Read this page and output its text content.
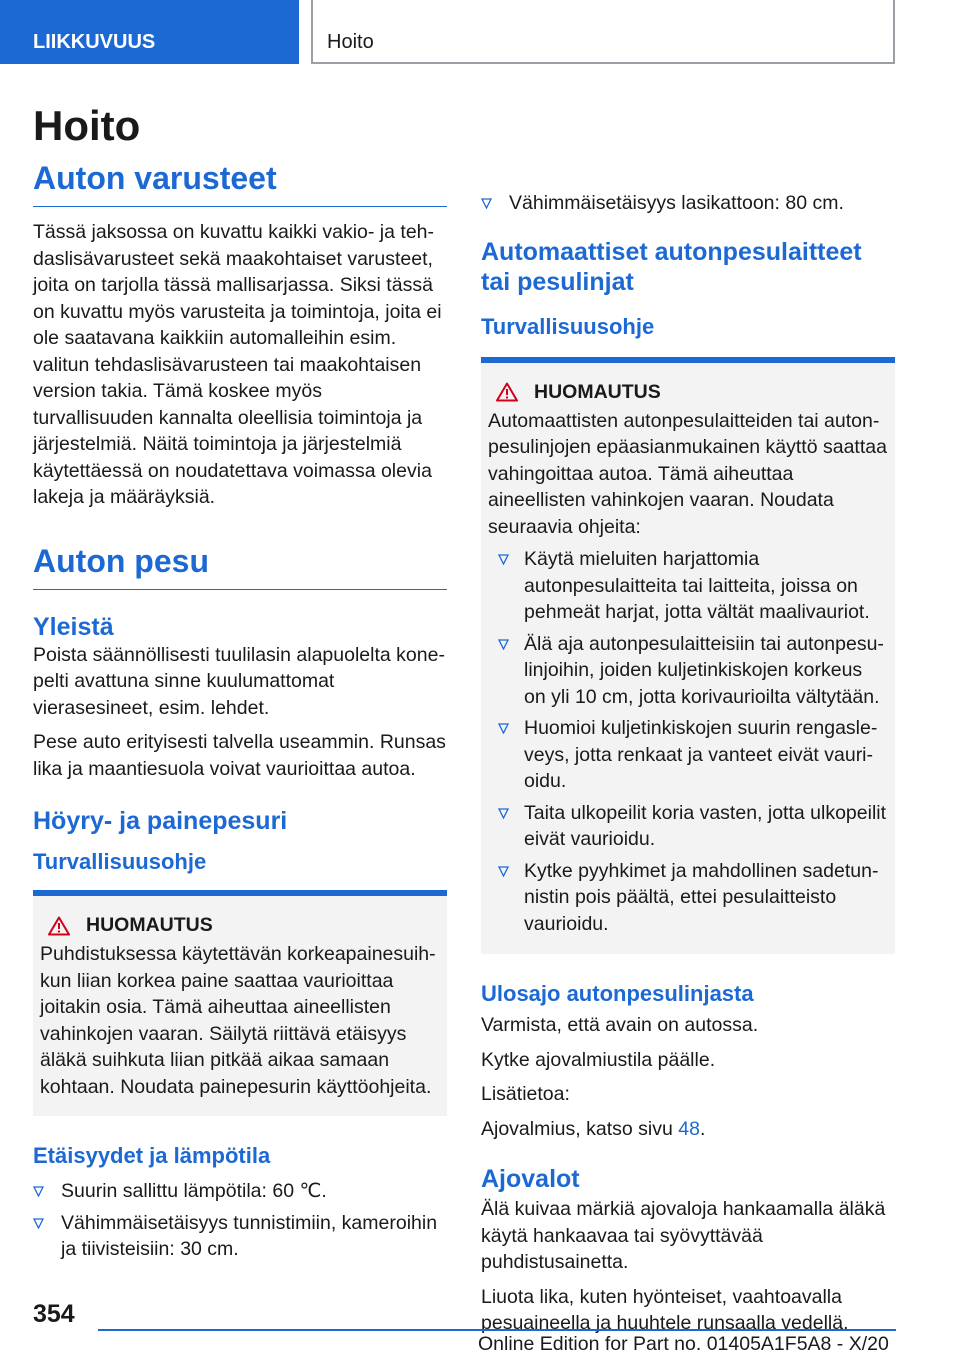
LIIKKUVUUS	Hoito
Hoito
Auton varusteet

Tässä jaksossa on kuvattu kaikki vakio- ja tehdaslisävarusteet sekä maakohtaiset varusteet, joita on tarjolla tässä mallisarjassa. Siksi tässä on kuvattu myös varusteita ja toimintoja, joita ei ole saatavana kaikkiin automalleihin esim. valitun tehdaslisävarusteen tai maakohtaisen version takia. Tämä koskee myös turvallisuuden kannalta oleellisia toimintoja ja järjestelmiä. Näitä toimintoja ja järjestelmiä käytettäessä on noudatettava voimassa olevia lakeja ja määräyksiä.

Auton pesu
Yleistä

Poista säännöllisesti tuulilasin alapuolelta konepelti avattuna sinne kuulumattomat vierasesineet, esim. lehdet.

Pese auto erityisesti talvella useammin. Runsas lika ja maantiesuola voivat vaurioittaa autoa.

Höyry- ja painepesuri
Turvallisuusohje
HUOMAUTUS

Puhdistuksessa käytettävän korkeapainesuihkun liian korkea paine saattaa vaurioittaa joitakin osia. Tämä aiheuttaa aineellisten vahinkojen vaaran. Säilytä riittävä etäisyys äläkä suihkuta liian pitkää aikaa samaan kohtaan. Noudata painepesurin käyttöohjeita.

Etäisyydet ja lämpötila
Suurin sallittu lämpötila: 60 ℃.
Vähimmäisetäisyys tunnistimiin, kameroihin ja tiivisteisiin: 30 cm.
Vähimmäisetäisyys lasikattoon: 80 cm.
Automaattiset autonpesulaitteet tai pesulinjat
Turvallisuusohje
HUOMAUTUS

Automaattisten autonpesulaitteiden tai autonpesulinjojen epäasianmukainen käyttö saattaa vahingoittaa autoa. Tämä aiheuttaa aineellisten vahinkojen vaaran. Noudata seuraavia ohjeita:

Käytä mieluiten harjattomia autonpesulaitteita tai laitteita, joissa on pehmeät harjat, jotta vältät maalivauriot.
Älä aja autonpesulaitteisiin tai autonpesulinjoihin, joiden kuljetinkiskojen korkeus on yli 10 cm, jotta korivaurioilta vältytään.
Huomioi kuljetinkiskojen suurin rengasleveys, jotta renkaat ja vanteet eivät vaurioidu.
Taita ulkopeilit koria vasten, jotta ulkopeilit eivät vaurioidu.
Kytke pyyhkimet ja mahdollinen sadetunnistin pois päältä, ettei pesulaitteisto vaurioidu.
Ulosajo autonpesulinjasta

Varmista, että avain on autossa.

Kytke ajovalmiustila päälle.

Lisätietoa:

Ajovalmius, katso sivu 48.

Ajovalot

Älä kuivaa märkiä ajovaloja hankaamalla äläkä käytä hankaavaa tai syövyttävää puhdistusainetta.

Liuota lika, kuten hyönteiset, vaahtoavalla pesuaineella ja huuhtele runsaalla vedellä.

354
Online Edition for Part no. 01405A1F5A8 - X/20
